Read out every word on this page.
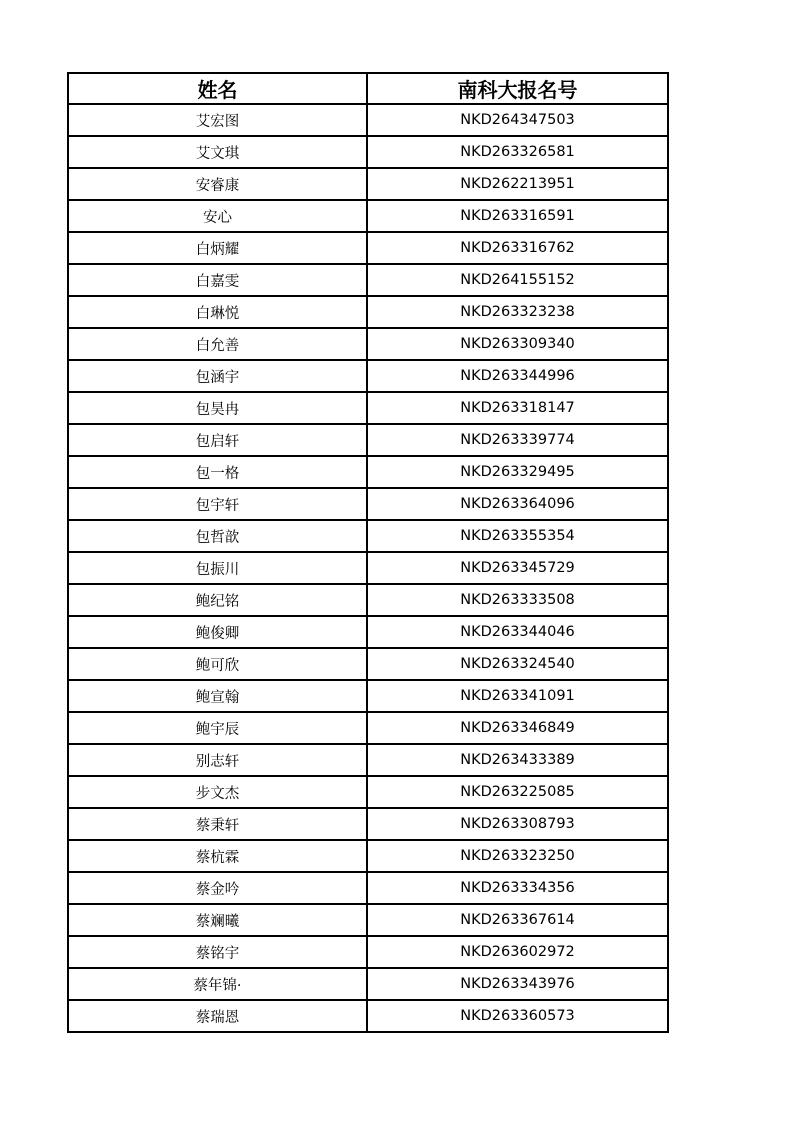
姓名	南科大报名号
艾宏图	NKD264347503
艾文琪	NKD263326581
安睿康	NKD262213951
安心	NKD263316591
白炳耀	NKD263316762
白嘉雯	NKD264155152
白琳悦	NKD263323238
白允善	NKD263309340
包涵宇	NKD263344996
包昊冉	NKD263318147
包启轩	NKD263339774
包一格	NKD263329495
包宇轩	NKD263364096
包哲歆	NKD263355354
包振川	NKD263345729
鲍纪铭	NKD263333508
鲍俊卿	NKD263344046
鲍可欣	NKD263324540
鲍宣翰	NKD263341091
鲍宇辰	NKD263346849
别志轩	NKD263433389
步文杰	NKD263225085
蔡秉轩	NKD263308793
蔡杭霖	NKD263323250
蔡金吟	NKD263334356
蔡斓曦	NKD263367614
蔡铭宇	NKD263602972
蔡年锦·	NKD263343976
蔡瑞恩	NKD263360573
